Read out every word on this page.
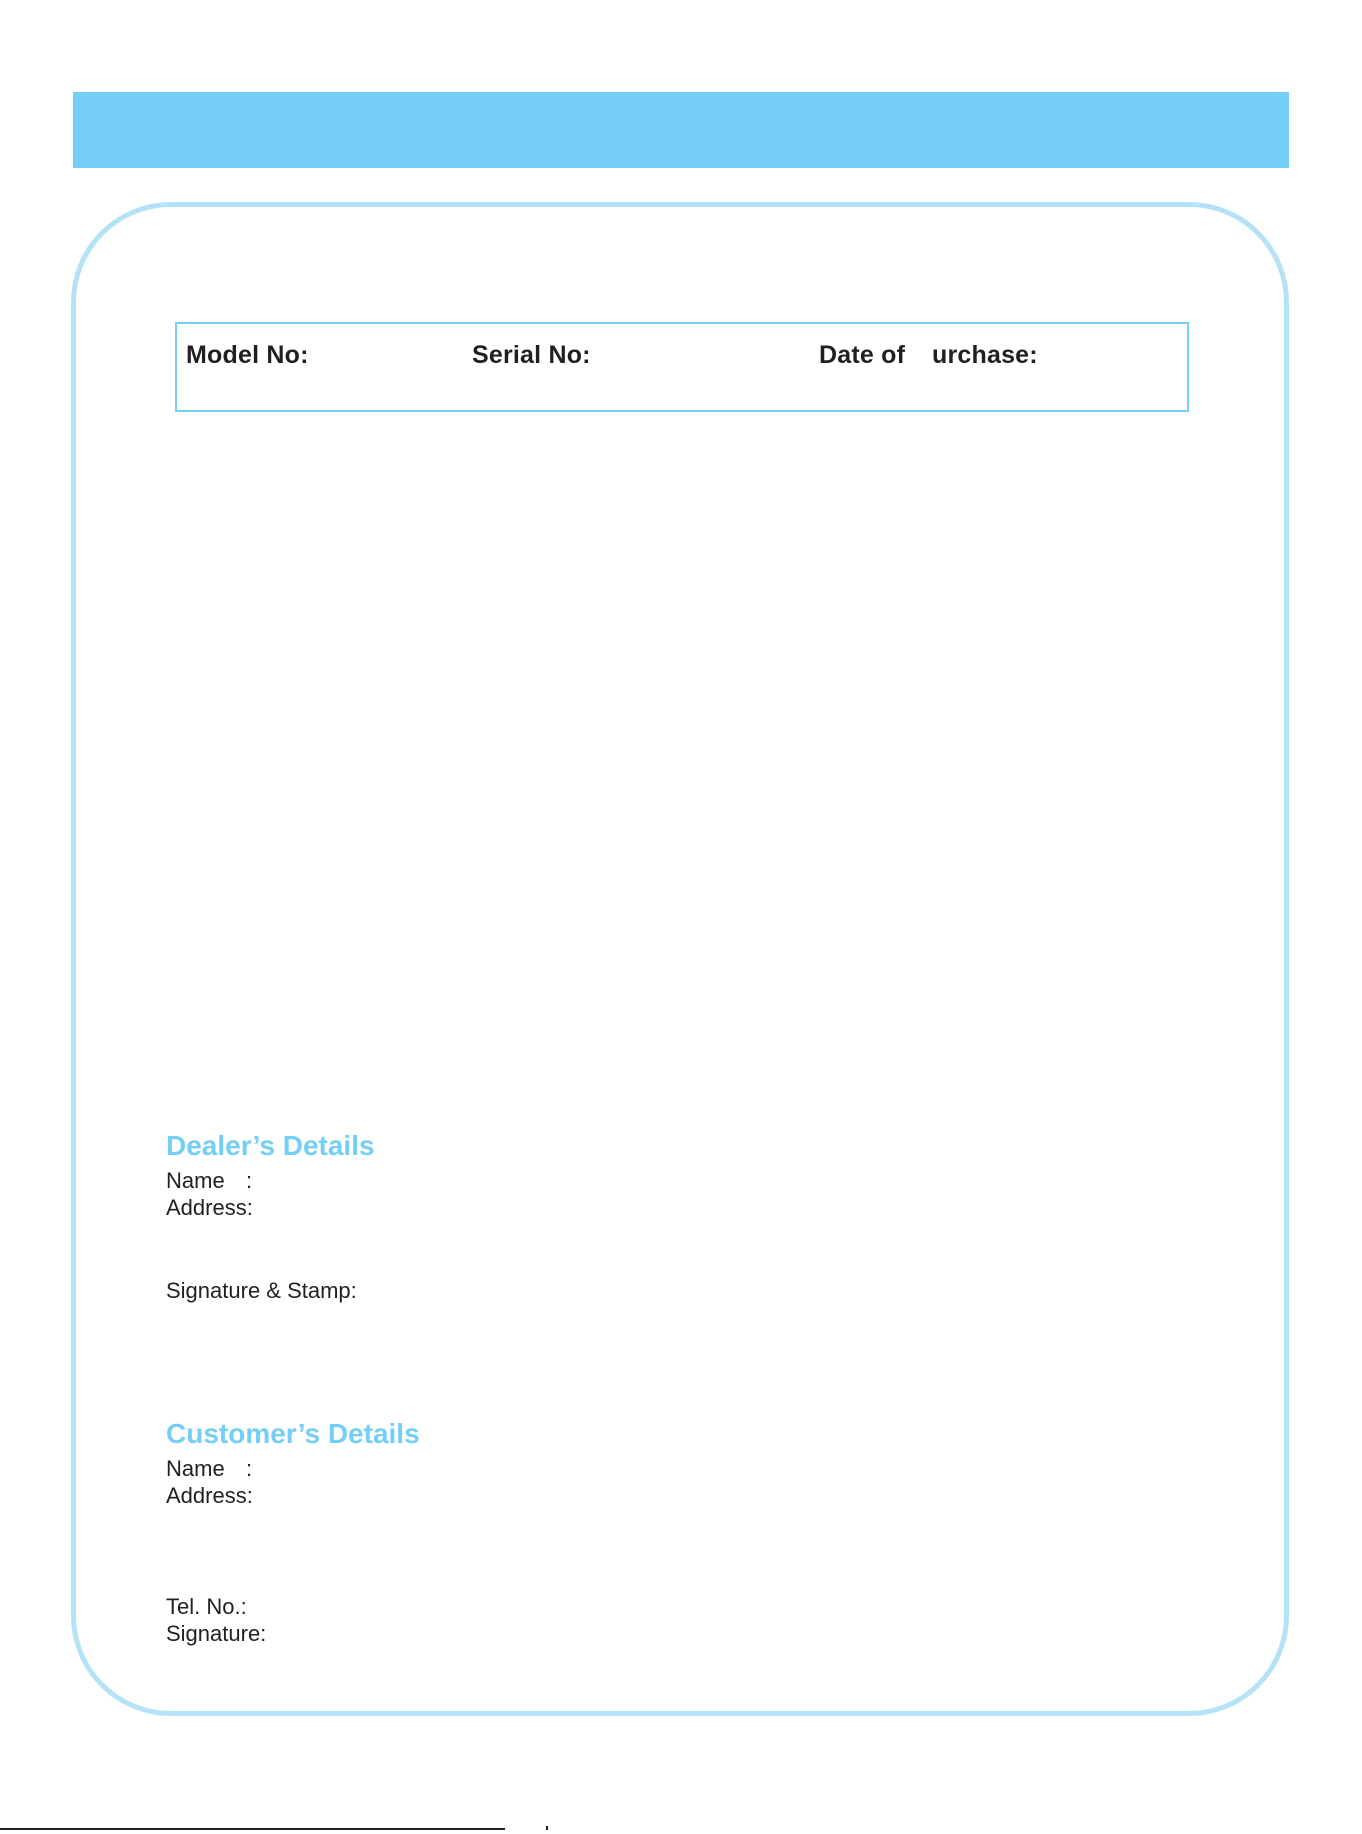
Model No:	Serial No:	Date of urchase:
Dealer’s Details
Name :
Address:
Signature & Stamp:
Customer’s Details
Name :
Address:
Tel. No.:
Signature:
